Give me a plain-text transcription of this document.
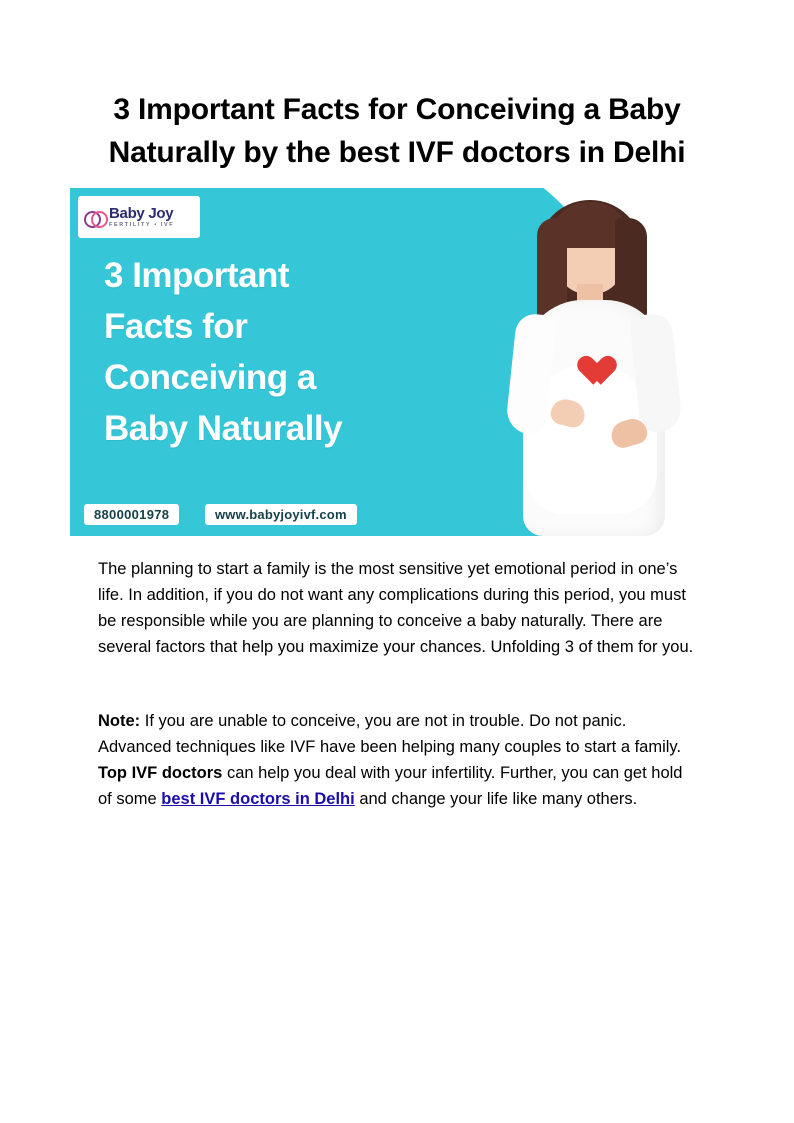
3 Important Facts for Conceiving a Baby Naturally by the best IVF doctors in Delhi
Baby Joy
FERTILITY • IVF
3 Important
Facts for
Conceiving a
Baby Naturally
8800001978	www.babyjoyivf.com

The planning to start a family is the most sensitive yet emotional period in one’s life. In addition, if you do not want any complications during this period, you must be responsible while you are planning to conceive a baby naturally. There are several factors that help you maximize your chances. Unfolding 3 of them for you.

Note: If you are unable to conceive, you are not in trouble. Do not panic. Advanced techniques like IVF have been helping many couples to start a family. Top IVF doctors can help you deal with your infertility. Further, you can get hold of some best IVF doctors in Delhi and change your life like many others.
